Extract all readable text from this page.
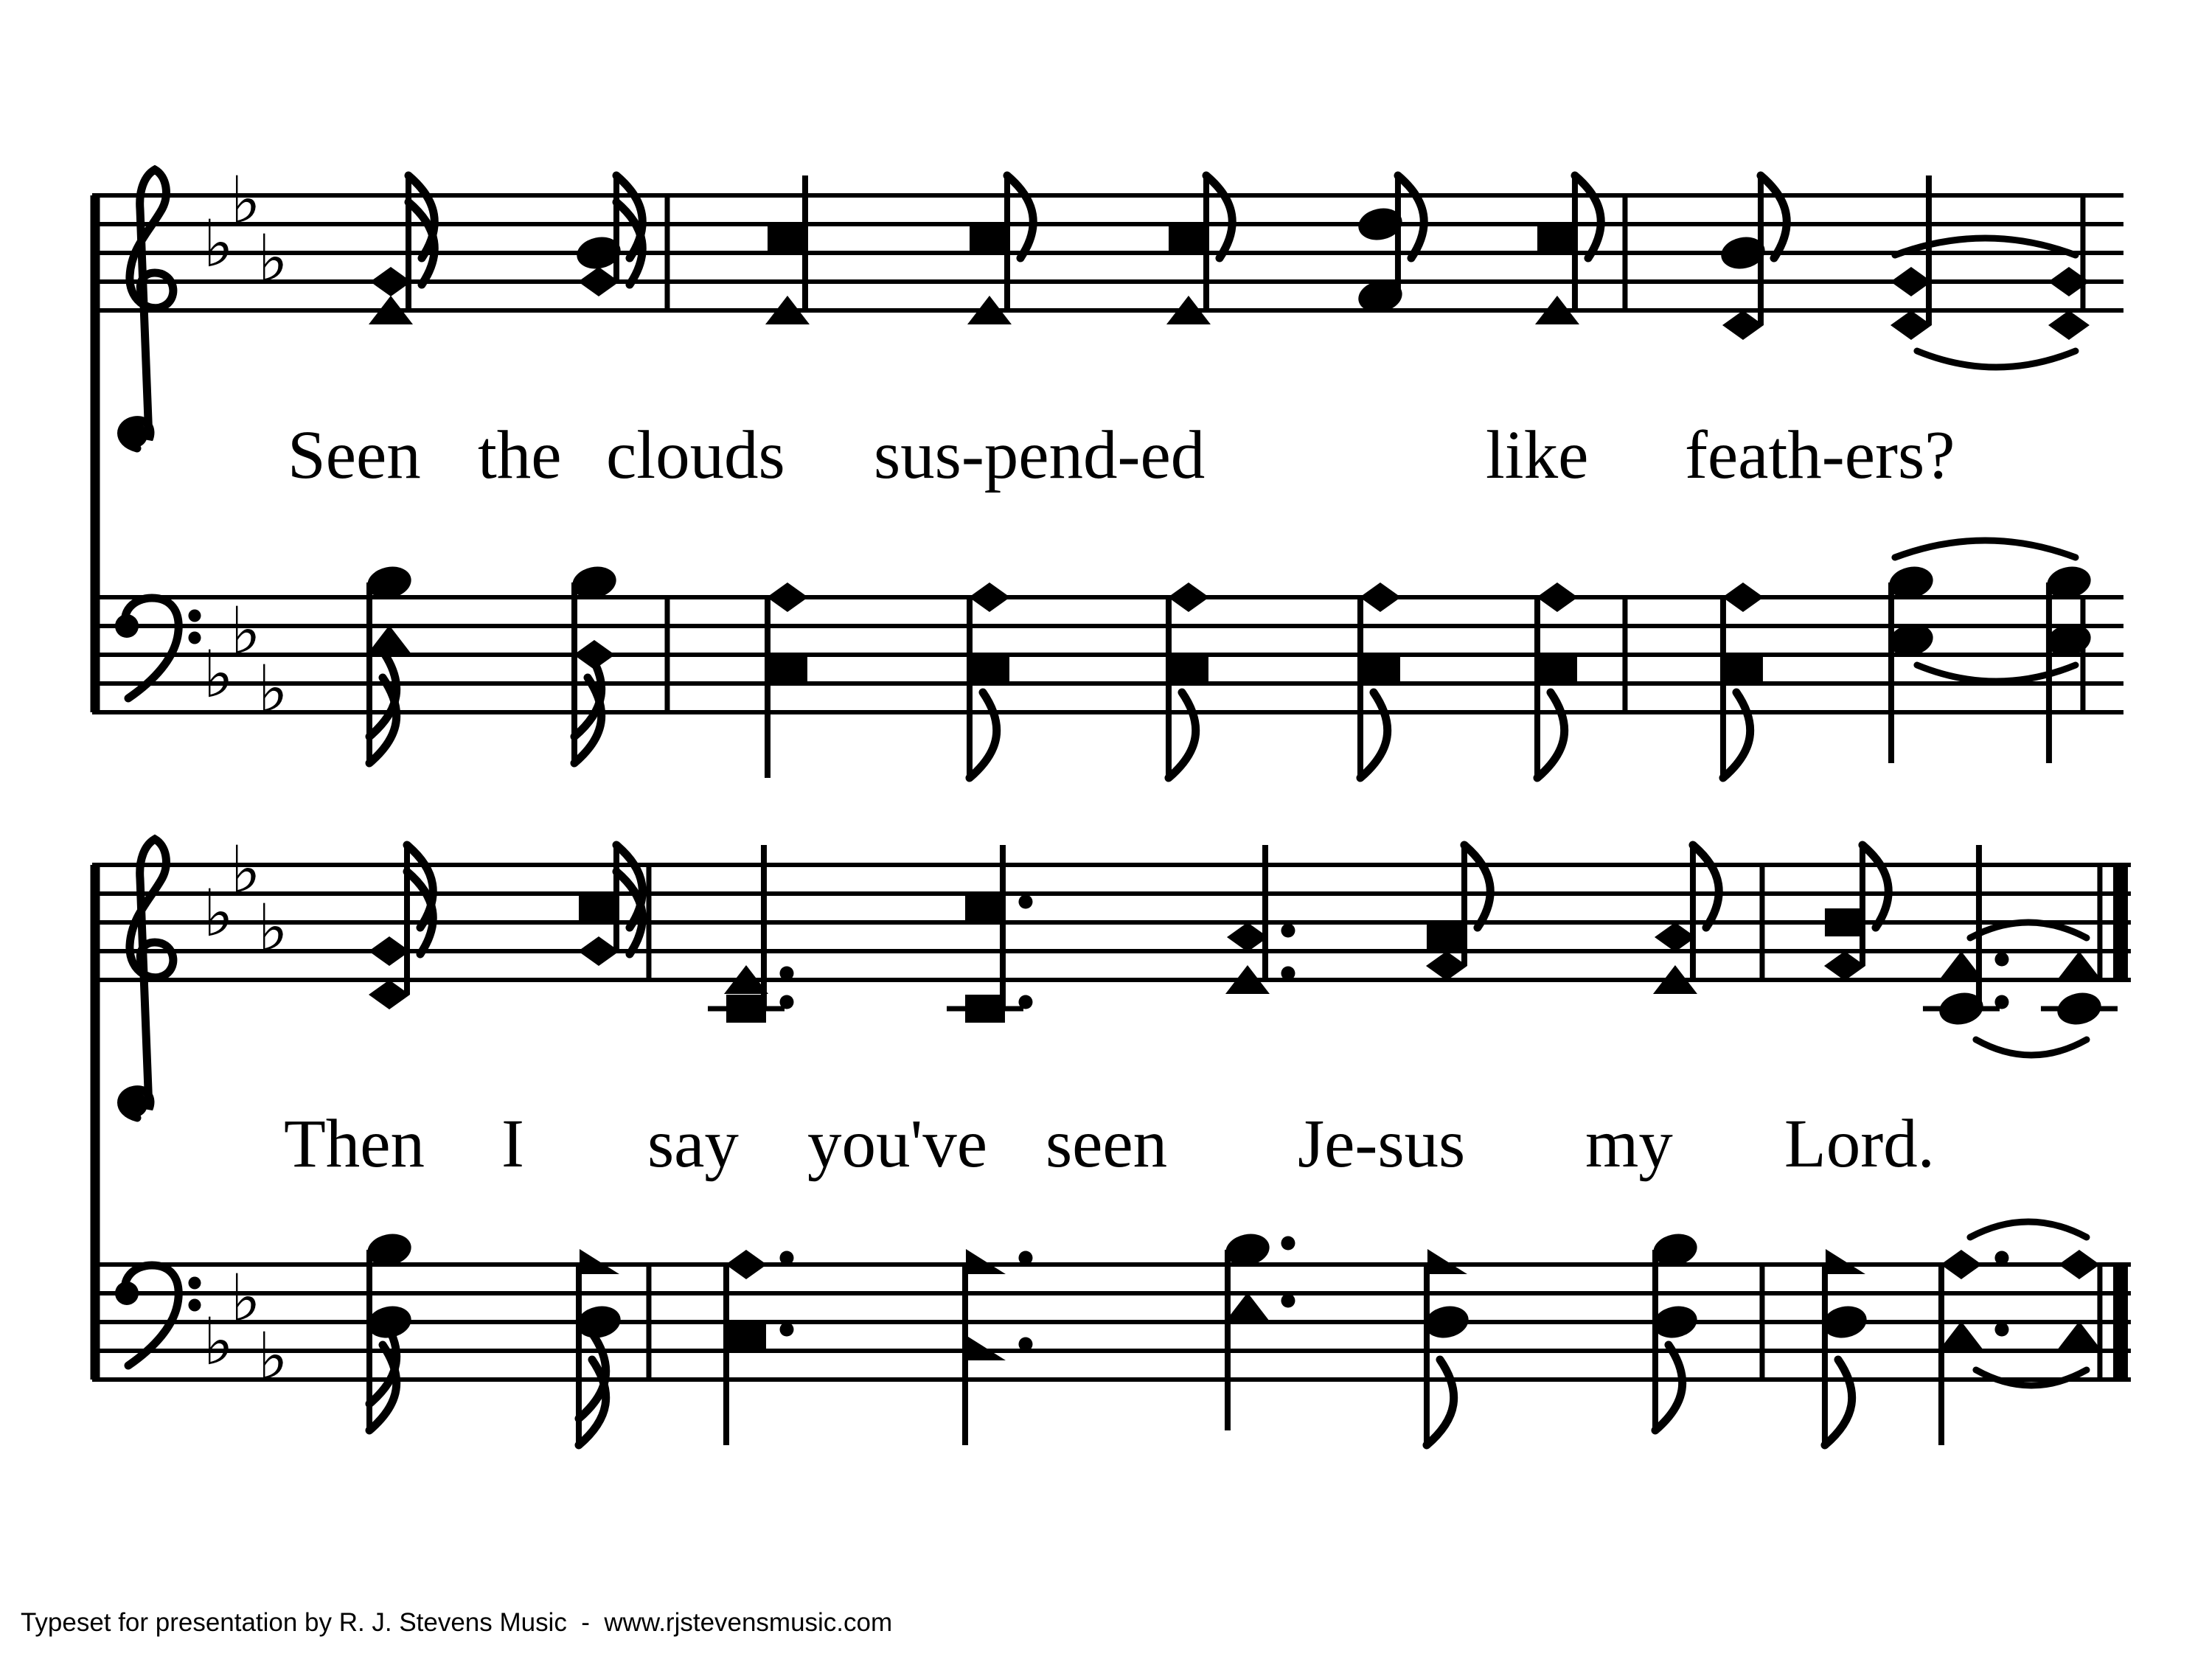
♭
♭
♭
♭
♭
♭
♭
♭
♭
♭
♭
♭
Seen the clouds sus-pend-ed	like feath-ers?
Then I say you've seen Je-sus my Lord.
Typeset for presentation by R. J. Stevens Music  -  www.rjstevensmusic.com
